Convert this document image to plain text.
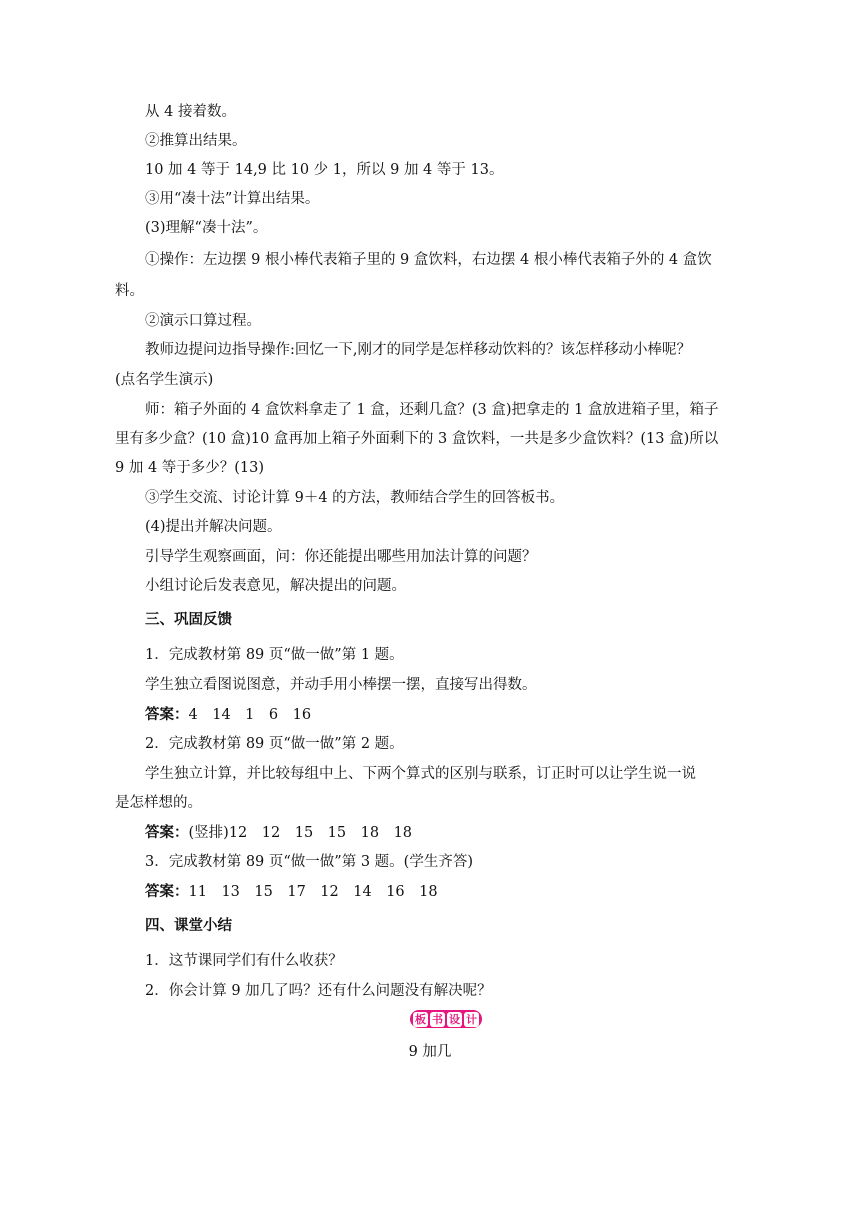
从 4 接着数。
②推算出结果。
10 加 4 等于 14,9 比 10 少 1，所以 9 加 4 等于 13。
③用“凑十法”计算出结果。
(3)理解“凑十法”。
①操作：左边摆 9 根小棒代表箱子里的 9 盒饮料，右边摆 4 根小棒代表箱子外的 4 盒饮
料。
②演示口算过程。
教师边提问边指导操作:回忆一下,刚才的同学是怎样移动饮料的？该怎样移动小棒呢？
(点名学生演示)
师：箱子外面的 4 盒饮料拿走了 1 盒，还剩几盒？(3 盒)把拿走的 1 盒放进箱子里，箱子
里有多少盒？(10 盒)10 盒再加上箱子外面剩下的 3 盒饮料，一共是多少盒饮料？(13 盒)所以
9 加 4 等于多少？(13)
③学生交流、讨论计算 9＋4 的方法，教师结合学生的回答板书。
(4)提出并解决问题。
引导学生观察画面，问：你还能提出哪些用加法计算的问题？
小组讨论后发表意见，解决提出的问题。
三、巩固反馈
1．完成教材第 89 页“做一做”第 1 题。
学生独立看图说图意，并动手用小棒摆一摆，直接写出得数。
答案：4　14　1　6　16
2．完成教材第 89 页“做一做”第 2 题。
学生独立计算，并比较每组中上、下两个算式的区别与联系，订正时可以让学生说一说
是怎样想的。
答案：(竖排)12　12　15　15　18　18
3．完成教材第 89 页“做一做”第 3 题。(学生齐答)
答案：11　13　15　17　12　14　16　18
四、课堂小结
1．这节课同学们有什么收获？
2．你会计算 9 加几了吗？还有什么问题没有解决呢？
板 书 设 计
9 加几
